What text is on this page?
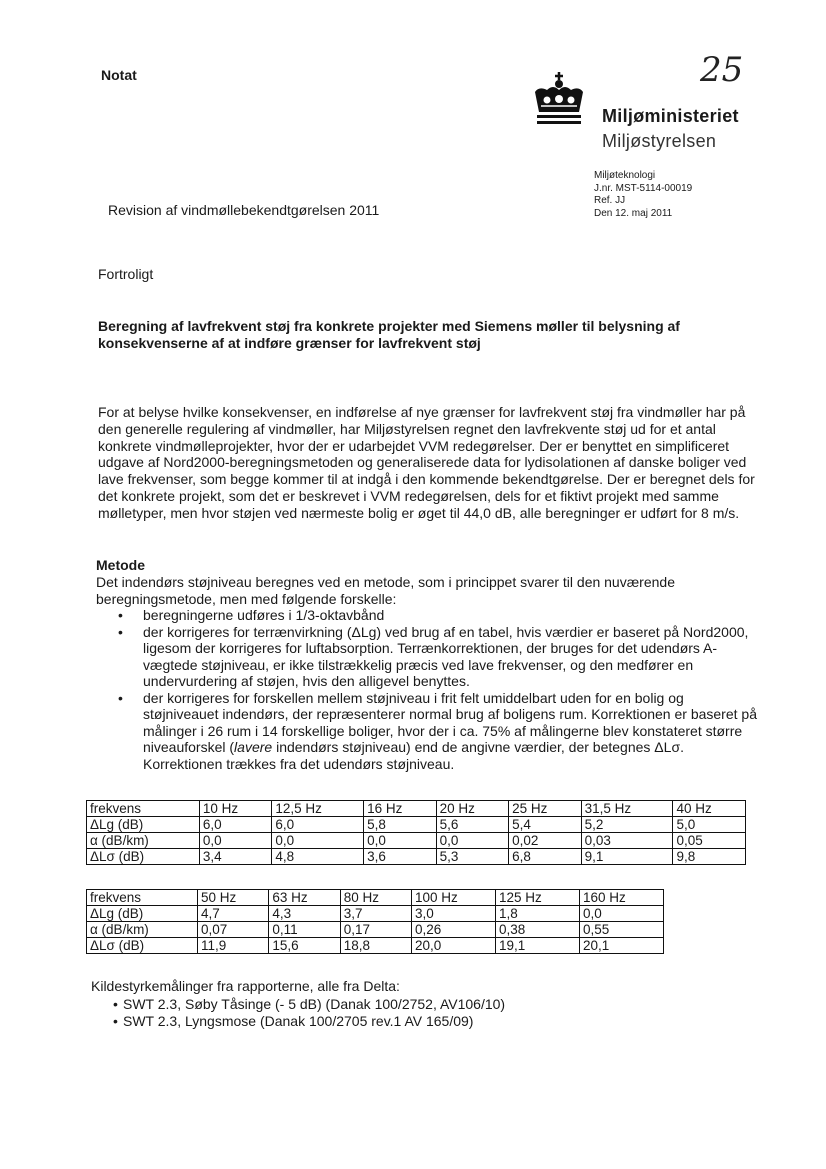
Notat	25
Miljøministeriet
Miljøstyrelsen
Miljøteknologi
J.nr. MST-5114-00019
Ref. JJ
Den 12. maj 2011
Revision af vindmøllebekendtgørelsen 2011
Fortroligt
Beregning af lavfrekvent støj fra konkrete projekter med Siemens møller til belysning af konsekvenserne af at indføre grænser for lavfrekvent støj

For at belyse hvilke konsekvenser, en indførelse af nye grænser for lavfrekvent støj fra vindmøller har på den generelle regulering af vindmøller, har Miljøstyrelsen regnet den lavfrekvente støj ud for et antal konkrete vindmølleprojekter, hvor der er udarbejdet VVM redegørelser. Der er benyttet en simplificeret udgave af Nord2000-beregningsmetoden og generaliserede data for lydisolationen af danske boliger ved lave frekvenser, som begge kommer til at indgå i den kommende bekendtgørelse. Der er beregnet dels for det konkrete projekt, som det er beskrevet i VVM redegørelsen, dels for et fiktivt projekt med samme mølletyper, men hvor støjen ved nærmeste bolig er øget til 44,0 dB, alle beregninger er udført for 8 m/s.

Metode

Det indendørs støjniveau beregnes ved en metode, som i princippet svarer til den nuværende beregningsmetode, men med følgende forskelle:

• beregningerne udføres i 1/3-oktavbånd
• der korrigeres for terrænvirkning (ΔLg) ved brug af en tabel, hvis værdier er baseret på Nord2000, ligesom der korrigeres for luftabsorption. Terrænkorrektionen, der bruges for det udendørs A-vægtede støjniveau, er ikke tilstrækkelig præcis ved lave frekvenser, og den medfører en undervurdering af støjen, hvis den alligevel benyttes.
• der korrigeres for forskellen mellem støjniveau i frit felt umiddelbart uden for en bolig og støjniveauet indendørs, der repræsenterer normal brug af boligens rum. Korrektionen er baseret på målinger i 26 rum i 14 forskellige boliger, hvor der i ca. 75% af målingerne blev konstateret større niveauforskel (lavere indendørs støjniveau) end de angivne værdier, der betegnes ΔLσ. Korrektionen trækkes fra det udendørs støjniveau.
frekvens	10 Hz	12,5 Hz	16 Hz	20 Hz	25 Hz	31,5 Hz	40 Hz
ΔLg (dB)	6,0	6,0	5,8	5,6	5,4	5,2	5,0
α (dB/km)	0,0	0,0	0,0	0,0	0,02	0,03	0,05
ΔLσ (dB)	3,4	4,8	3,6	5,3	6,8	9,1	9,8
frekvens	50 Hz	63 Hz	80 Hz	100 Hz	125 Hz	160 Hz
ΔLg (dB)	4,7	4,3	3,7	3,0	1,8	0,0
α (dB/km)	0,07	0,11	0,17	0,26	0,38	0,55
ΔLσ (dB)	11,9	15,6	18,8	20,0	19,1	20,1

Kildestyrkemålinger fra rapporterne, alle fra Delta:

• SWT 2.3, Søby Tåsinge (- 5 dB) (Danak 100/2752, AV106/10)
• SWT 2.3, Lyngsmose (Danak 100/2705 rev.1 AV 165/09)
